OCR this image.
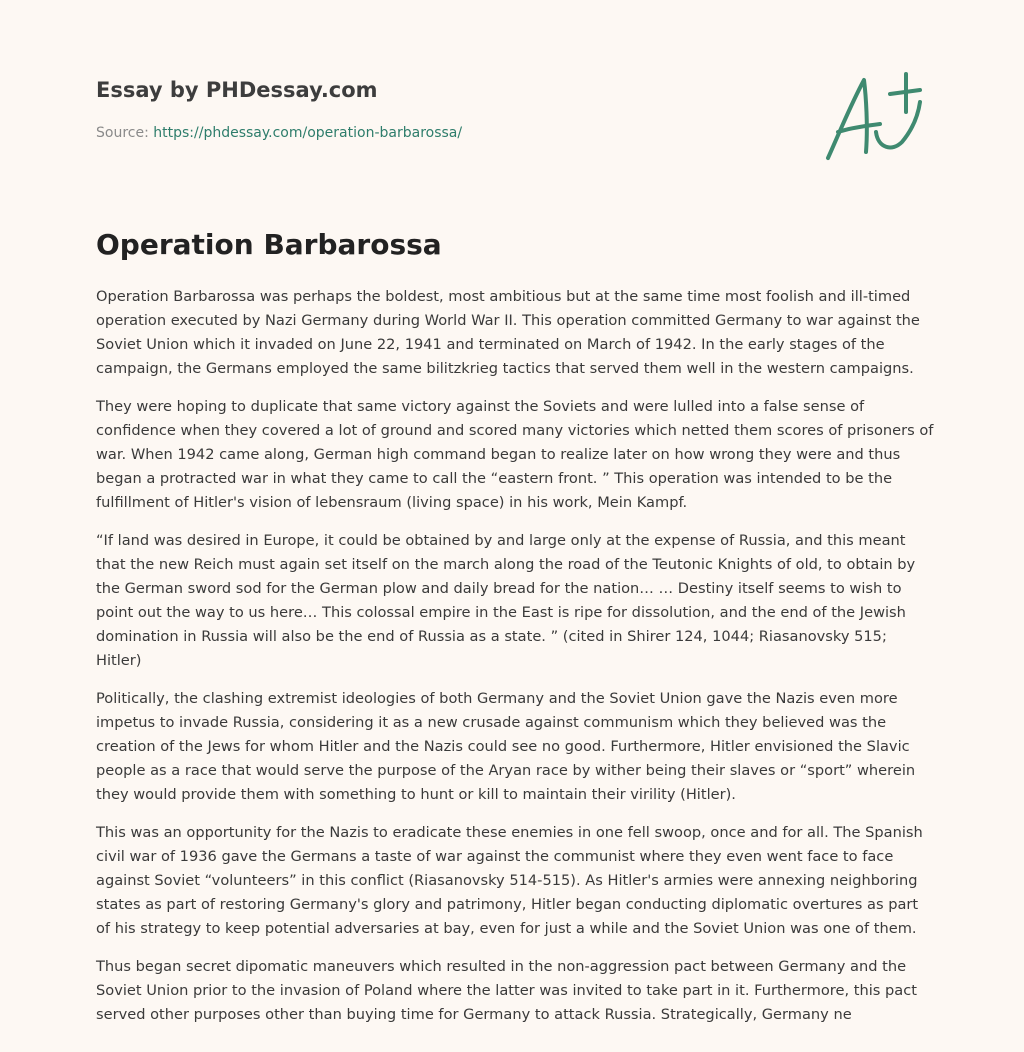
Essay by PHDessay.com
Source: https://phdessay.com/operation-barbarossa/
Operation Barbarossa

Operation Barbarossa was perhaps the boldest, most ambitious but at the same time most foolish and ill-timed operation executed by Nazi Germany during World War II. This operation committed Germany to war against the Soviet Union which it invaded on June 22, 1941 and terminated on March of 1942. In the early stages of the campaign, the Germans employed the same bilitzkrieg tactics that served them well in the western campaigns.

They were hoping to duplicate that same victory against the Soviets and were lulled into a false sense of confidence when they covered a lot of ground and scored many victories which netted them scores of prisoners of war. When 1942 came along, German high command began to realize later on how wrong they were and thus began a protracted war in what they came to call the “eastern front. ” This operation was intended to be the fulfillment of Hitler's vision of lebensraum (living space) in his work, Mein Kampf.

“If land was desired in Europe, it could be obtained by and large only at the expense of Russia, and this meant that the new Reich must again set itself on the march along the road of the Teutonic Knights of old, to obtain by the German sword sod for the German plow and daily bread for the nation… … Destiny itself seems to wish to point out the way to us here… This colossal empire in the East is ripe for dissolution, and the end of the Jewish domination in Russia will also be the end of Russia as a state. ” (cited in Shirer 124, 1044; Riasanovsky 515; Hitler)

Politically, the clashing extremist ideologies of both Germany and the Soviet Union gave the Nazis even more impetus to invade Russia, considering it as a new crusade against communism which they believed was the creation of the Jews for whom Hitler and the Nazis could see no good. Furthermore, Hitler envisioned the Slavic people as a race that would serve the purpose of the Aryan race by wither being their slaves or “sport” wherein they would provide them with something to hunt or kill to maintain their virility (Hitler).

This was an opportunity for the Nazis to eradicate these enemies in one fell swoop, once and for all. The Spanish civil war of 1936 gave the Germans a taste of war against the communist where they even went face to face against Soviet “volunteers” in this conflict (Riasanovsky 514-515). As Hitler's armies were annexing neighboring states as part of restoring Germany's glory and patrimony, Hitler began conducting diplomatic overtures as part of his strategy to keep potential adversaries at bay, even for just a while and the Soviet Union was one of them.

Thus began secret dipomatic maneuvers which resulted in the non-aggression pact between Germany and the Soviet Union prior to the invasion of Poland where the latter was invited to take part in it. Furthermore, this pact served other purposes other than buying time for Germany to attack Russia. Strategically, Germany ne
